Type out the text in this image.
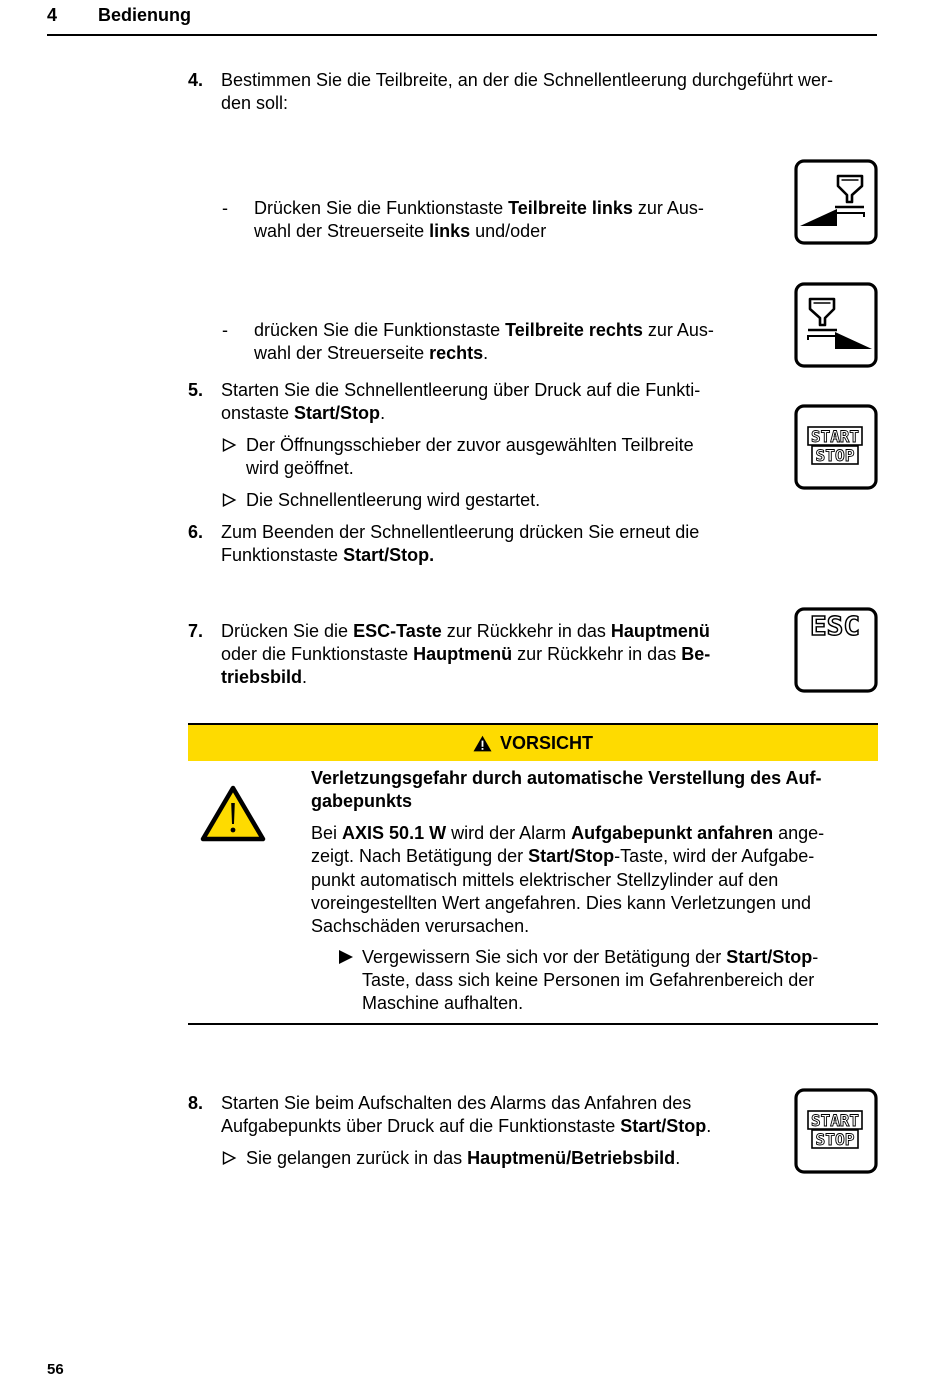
4 Bedienung
4. Bestimmen Sie die Teilbreite, an der die Schnellentleerung durchgeführt wer-
den soll:
- Drücken Sie die Funktionstaste Teilbreite links zur Aus-
wahl der Streuerseite links und/oder
- drücken Sie die Funktionstaste Teilbreite rechts zur Aus-
wahl der Streuerseite rechts.
5. Starten Sie die Schnellentleerung über Druck auf die Funkti-
onstaste Start/Stop.
Der Öffnungsschieber der zuvor ausgewählten Teilbreite
wird geöffnet.
Die Schnellentleerung wird gestartet.
6. Zum Beenden der Schnellentleerung drücken Sie erneut die
Funktionstaste Start/Stop.
7. Drücken Sie die ESC-Taste zur Rückkehr in das Hauptmenü
oder die Funktionstaste Hauptmenü zur Rückkehr in das Be-
triebsbild.
VORSICHT
Verletzungsgefahr durch automatische Verstellung des Auf-
gabepunkts
Bei AXIS 50.1 W wird der Alarm Aufgabepunkt anfahren ange-
zeigt. Nach Betätigung der Start/Stop-Taste, wird der Aufgabe-
punkt automatisch mittels elektrischer Stellzylinder auf den
voreingestellten Wert angefahren. Dies kann Verletzungen und
Sachschäden verursachen.
Vergewissern Sie sich vor der Betätigung der Start/Stop-
Taste, dass sich keine Personen im Gefahrenbereich der
Maschine aufhalten.
8. Starten Sie beim Aufschalten des Alarms das Anfahren des
Aufgabepunkts über Druck auf die Funktionstaste Start/Stop.
Sie gelangen zurück in das Hauptmenü/Betriebsbild.
START
STOP
ESC
START
STOP
56
